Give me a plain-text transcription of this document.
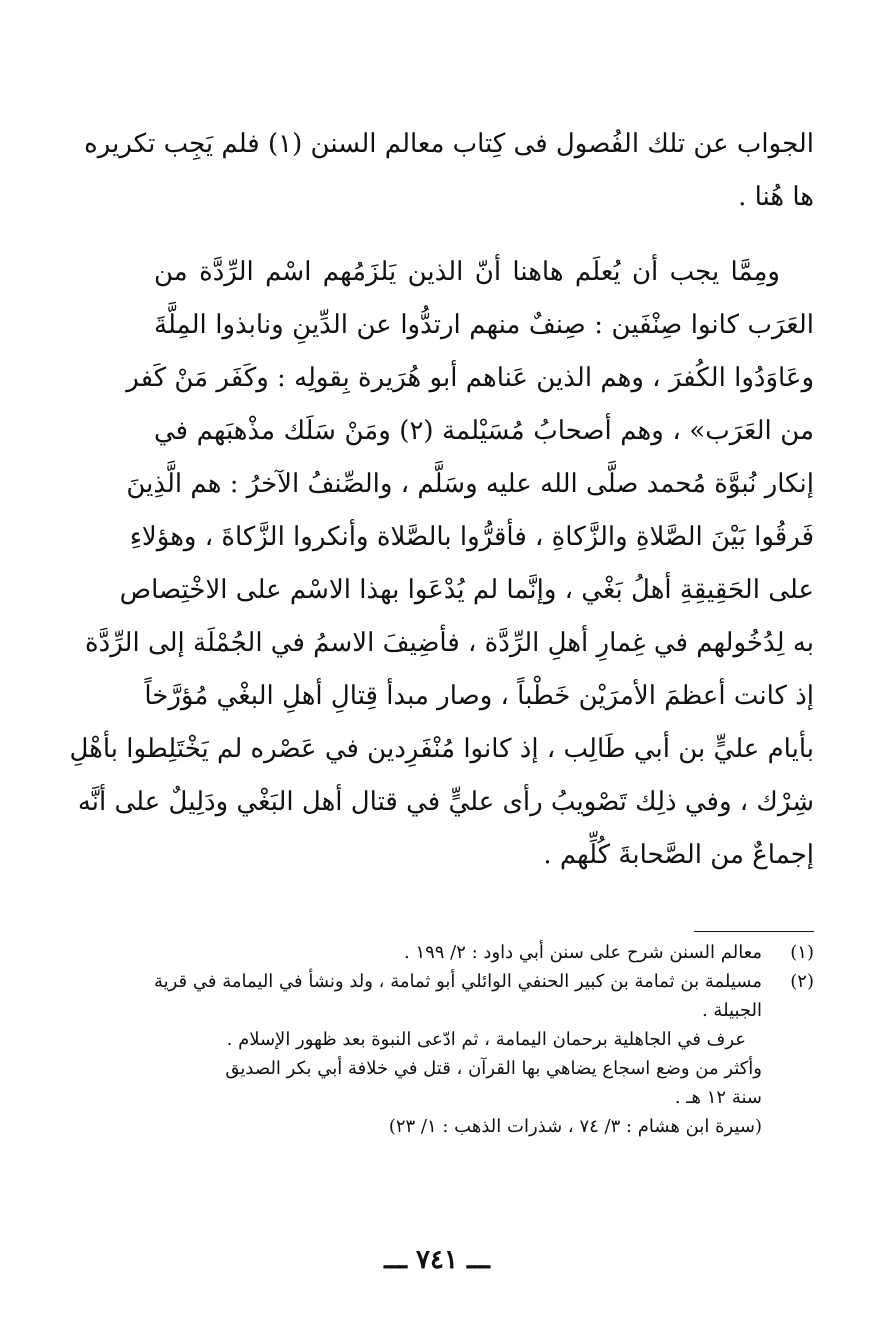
الجواب عن تلك الفُصول فى كِتاب معالم السنن (١) فلم يَجِب تكريره
ها هُنا .
ومِمَّا يجب أن يُعلَم هاهنا أنّ الذين يَلزَمُهم اسْم الرِّدَّة من
العَرَب كانوا صِنْفَين : صِنفٌ منهم ارتدُّوا عن الدِّينِ ونابذوا المِلَّةَ
وعَاوَدُوا الكُفرَ ، وهم الذين عَناهم أبو هُرَيرة بِقولِه : وكَفَر مَنْ كَفر
من العَرَب» ، وهم أصحابُ مُسَيْلمة (٢) ومَنْ سَلَك مذْهبَهم في
إنكار نُبوَّة مُحمد صلَّى الله عليه وسَلَّم ، والصِّنفُ الآخرُ : هم الَّذِينَ
فَرقُوا بَيْنَ الصَّلاةِ والزَّكاةِ ، فأقرُّوا بالصَّلاة وأنكروا الزَّكاةَ ، وهؤلاءِ
على الحَقِيقِةِ أهلُ بَغْي ، وإنَّما لم يُدْعَوا بهذا الاسْم على الاخْتِصاص
به لِدُخُولهم في غِمارِ أهلِ الرِّدَّة ، فأضِيفَ الاسمُ في الجُمْلَة إلى الرِّدَّة
إذ كانت أعظمَ الأمرَيْن خَطْباً ، وصار مبدأ قِتالِ أهلِ البغْي مُؤرَّخاً
بأيام عليٍّ بن أبي طَالِب ، إذ كانوا مُنْفَرِدين في عَصْره لم يَخْتَلِطوا بأهْلِ
شِرْك ، وفي ذلِك تَصْويبُ رأى عليٍّ في قتال أهل البَغْي ودَلِيلٌ على أنَّه
إجماعٌ من الصَّحابةَ كُلِّهم .
(١)
معالم السنن شرح على سنن أبي داود : ٢/ ١٩٩ .
(٢)
مسيلمة بن ثمامة بن كبير الحنفي الوائلي أبو ثمامة ، ولد ونشأ في اليمامة في قرية
الجبيلة .
عرف في الجاهلية برحمان اليمامة ، ثم ادّعى النبوة بعد ظهور الإسلام .
وأكثر من وضع اسجاع يضاهي بها القرآن ، قتل في خلافة أبي بكر الصديق
سنة ١٢ هـ .
(سيرة ابن هشام : ٣/ ٧٤ ، شذرات الذهب : ١/ ٢٣)
ـــ ٧٤١ ـــ
